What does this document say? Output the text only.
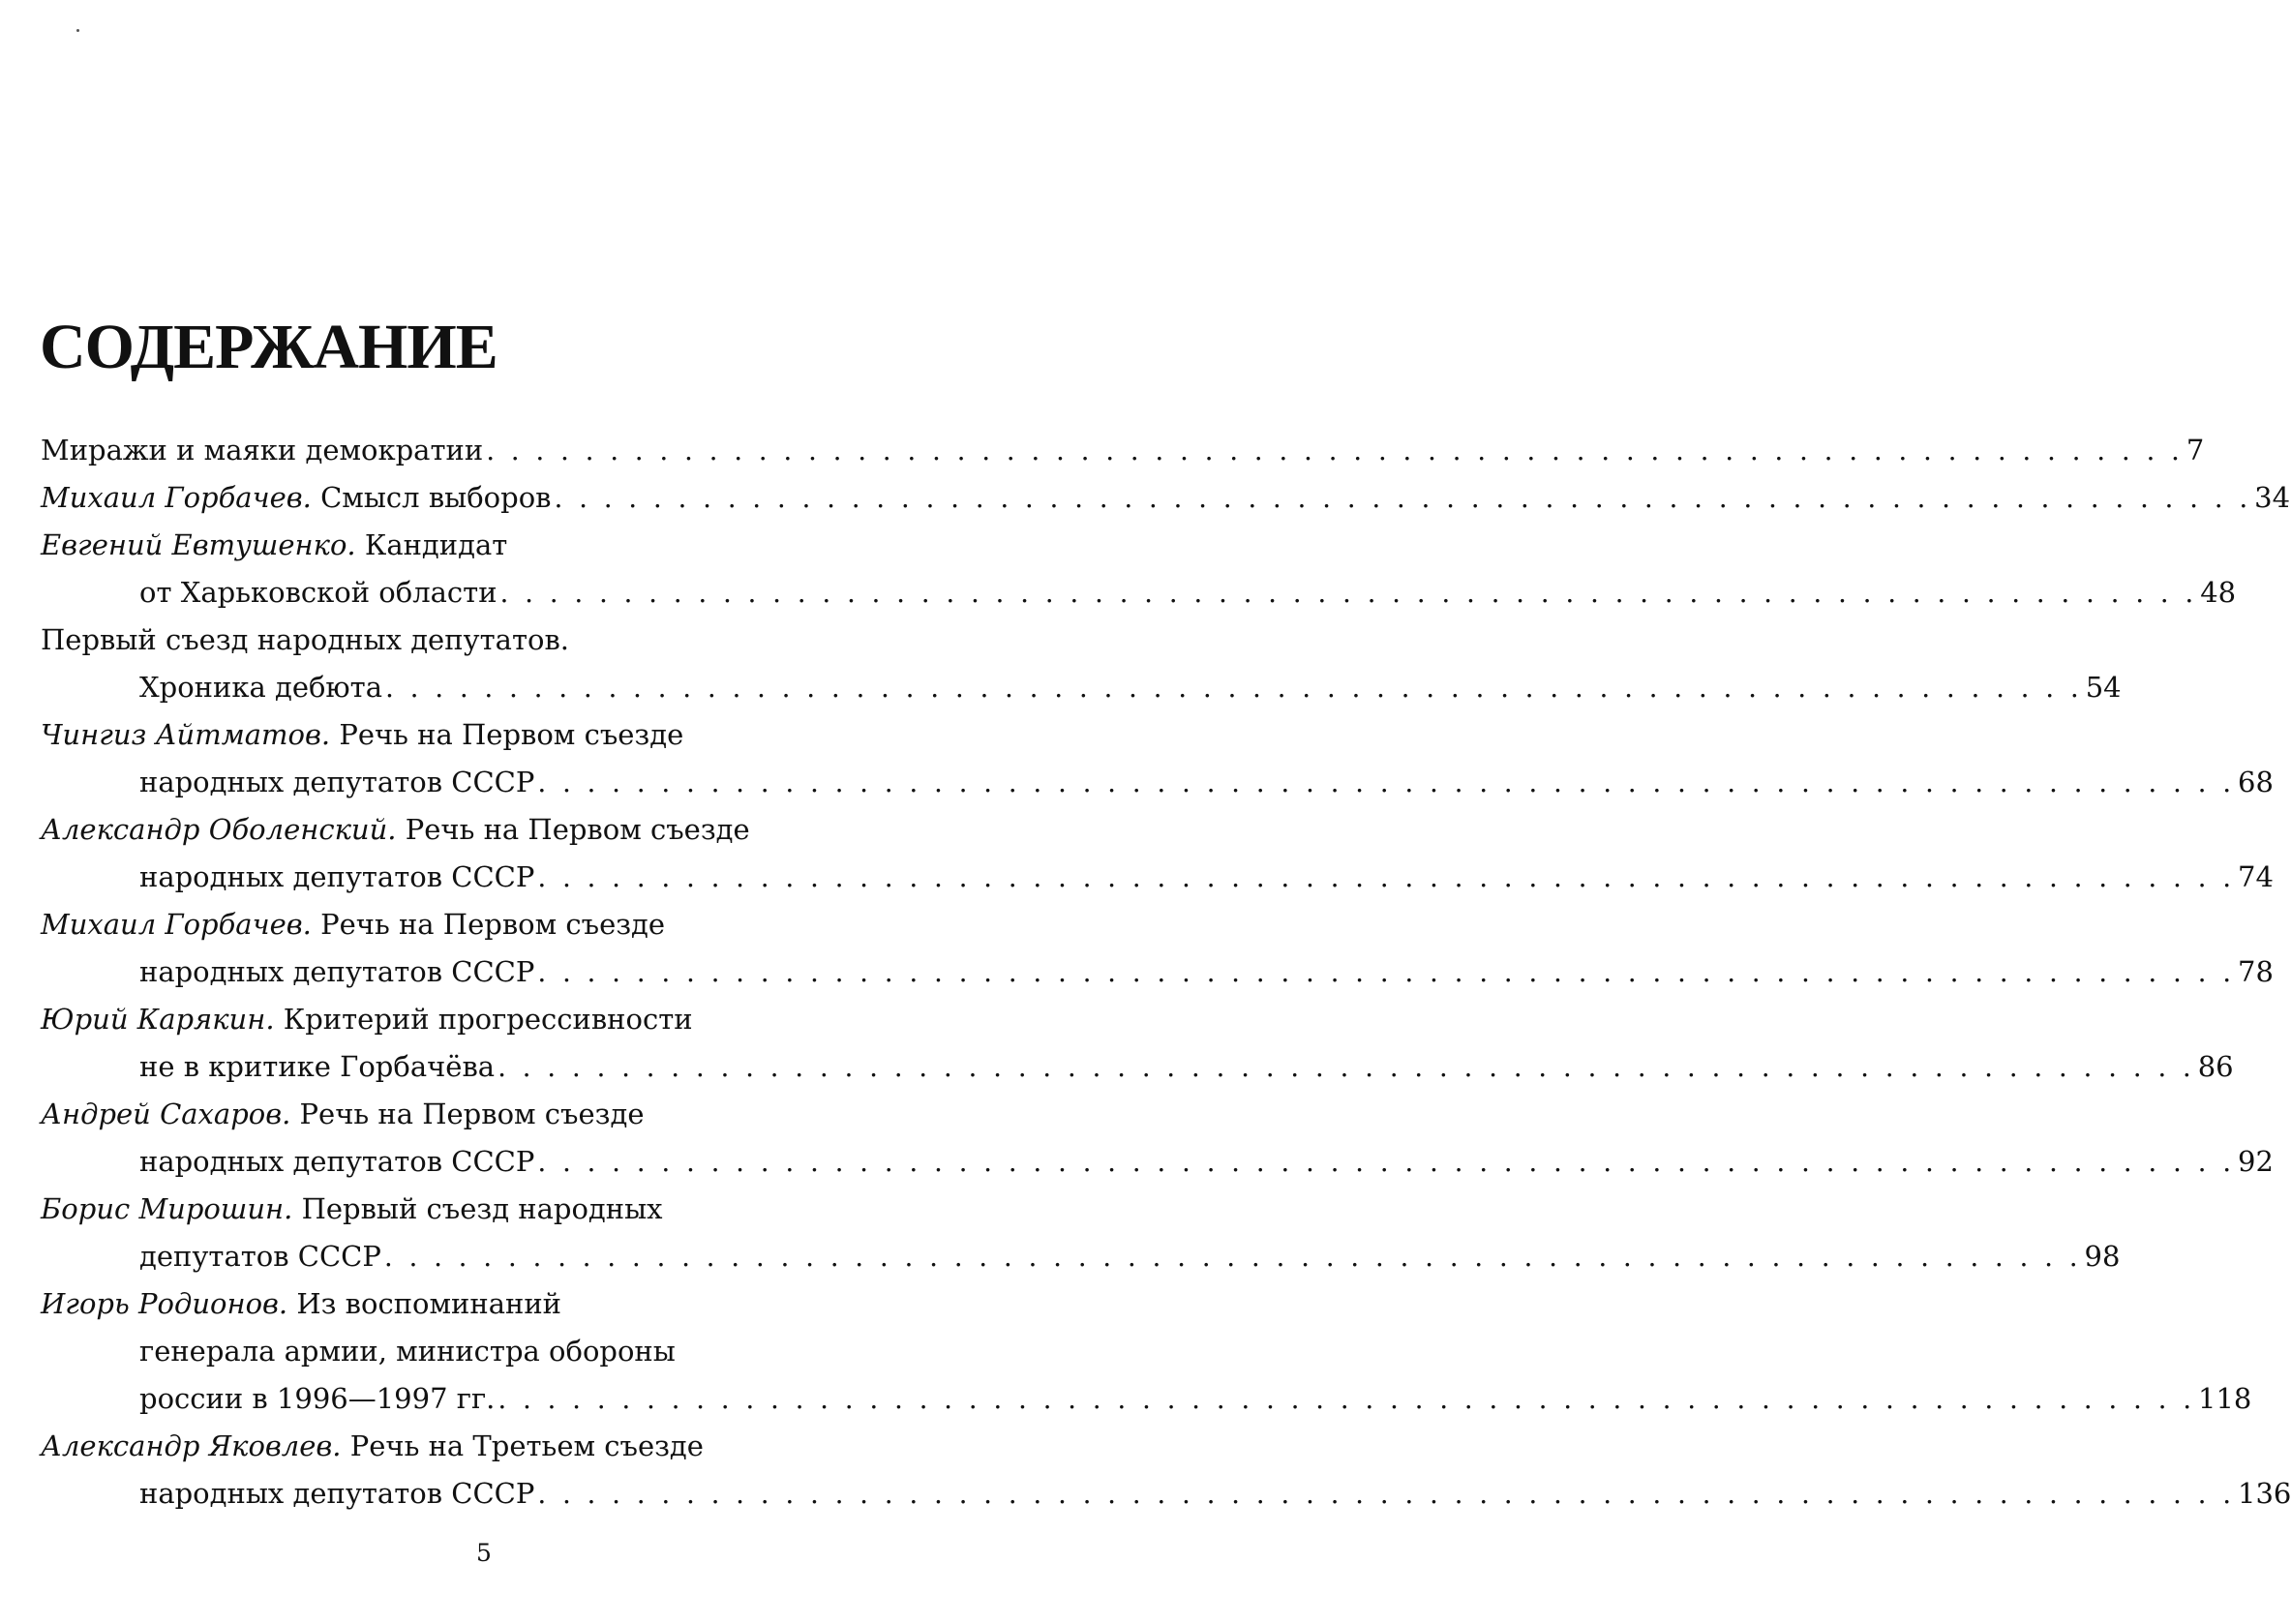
СОДЕРЖАНИЕ
Миражи и маяки демократии . . . . . . . . . . . . . . . . . . . . . . . . . . . . . . . . . . . . . . . . . . . . . . . . . . . . . . . . . . . . . . . . . . . . . 7
Михаил Горбачев.
Смысл выборов . . . . . . . . . . . . . . . . . . . . . . . . . . . . . . . . . . . . . . . . . . . . . . . . . . . . . . . . . . . . . . . . . . . . . 34
Евгений Евтушенко.
Кандидат
от Харьковской области . . . . . . . . . . . . . . . . . . . . . . . . . . . . . . . . . . . . . . . . . . . . . . . . . . . . . . . . . . . . . . . . . . . . . 48
Первый съезд народных депутатов.
Хроника дебюта . . . . . . . . . . . . . . . . . . . . . . . . . . . . . . . . . . . . . . . . . . . . . . . . . . . . . . . . . . . . . . . . . . . . . 54
Чингиз Айтматов.
Речь на Первом съезде
народных депутатов СССР . . . . . . . . . . . . . . . . . . . . . . . . . . . . . . . . . . . . . . . . . . . . . . . . . . . . . . . . . . . . . . . . . . . . . 68
Александр Оболенский.
Речь на Первом съезде
народных депутатов СССР . . . . . . . . . . . . . . . . . . . . . . . . . . . . . . . . . . . . . . . . . . . . . . . . . . . . . . . . . . . . . . . . . . . . . 74
Михаил Горбачев.
Речь на Первом съезде
народных депутатов СССР . . . . . . . . . . . . . . . . . . . . . . . . . . . . . . . . . . . . . . . . . . . . . . . . . . . . . . . . . . . . . . . . . . . . . 78
Юрий Карякин.
Критерий прогрессивности
не в критике Горбачёва . . . . . . . . . . . . . . . . . . . . . . . . . . . . . . . . . . . . . . . . . . . . . . . . . . . . . . . . . . . . . . . . . . . . . 86
Андрей Сахаров.
Речь на Первом съезде
народных депутатов СССР . . . . . . . . . . . . . . . . . . . . . . . . . . . . . . . . . . . . . . . . . . . . . . . . . . . . . . . . . . . . . . . . . . . . . 92
Борис Мирошин.
Первый съезд народных
депутатов СССР . . . . . . . . . . . . . . . . . . . . . . . . . . . . . . . . . . . . . . . . . . . . . . . . . . . . . . . . . . . . . . . . . . . . . 98
Игорь Родионов.
Из воспоминаний
генерала армии, министра обороны
россии в 1996—1997 гг. . . . . . . . . . . . . . . . . . . . . . . . . . . . . . . . . . . . . . . . . . . . . . . . . . . . . . . . . . . . . . . . . . . . . . 118
Александр Яковлев.
Речь на Третьем съезде
народных депутатов СССР . . . . . . . . . . . . . . . . . . . . . . . . . . . . . . . . . . . . . . . . . . . . . . . . . . . . . . . . . . . . . . . . . . . . . 136
5
